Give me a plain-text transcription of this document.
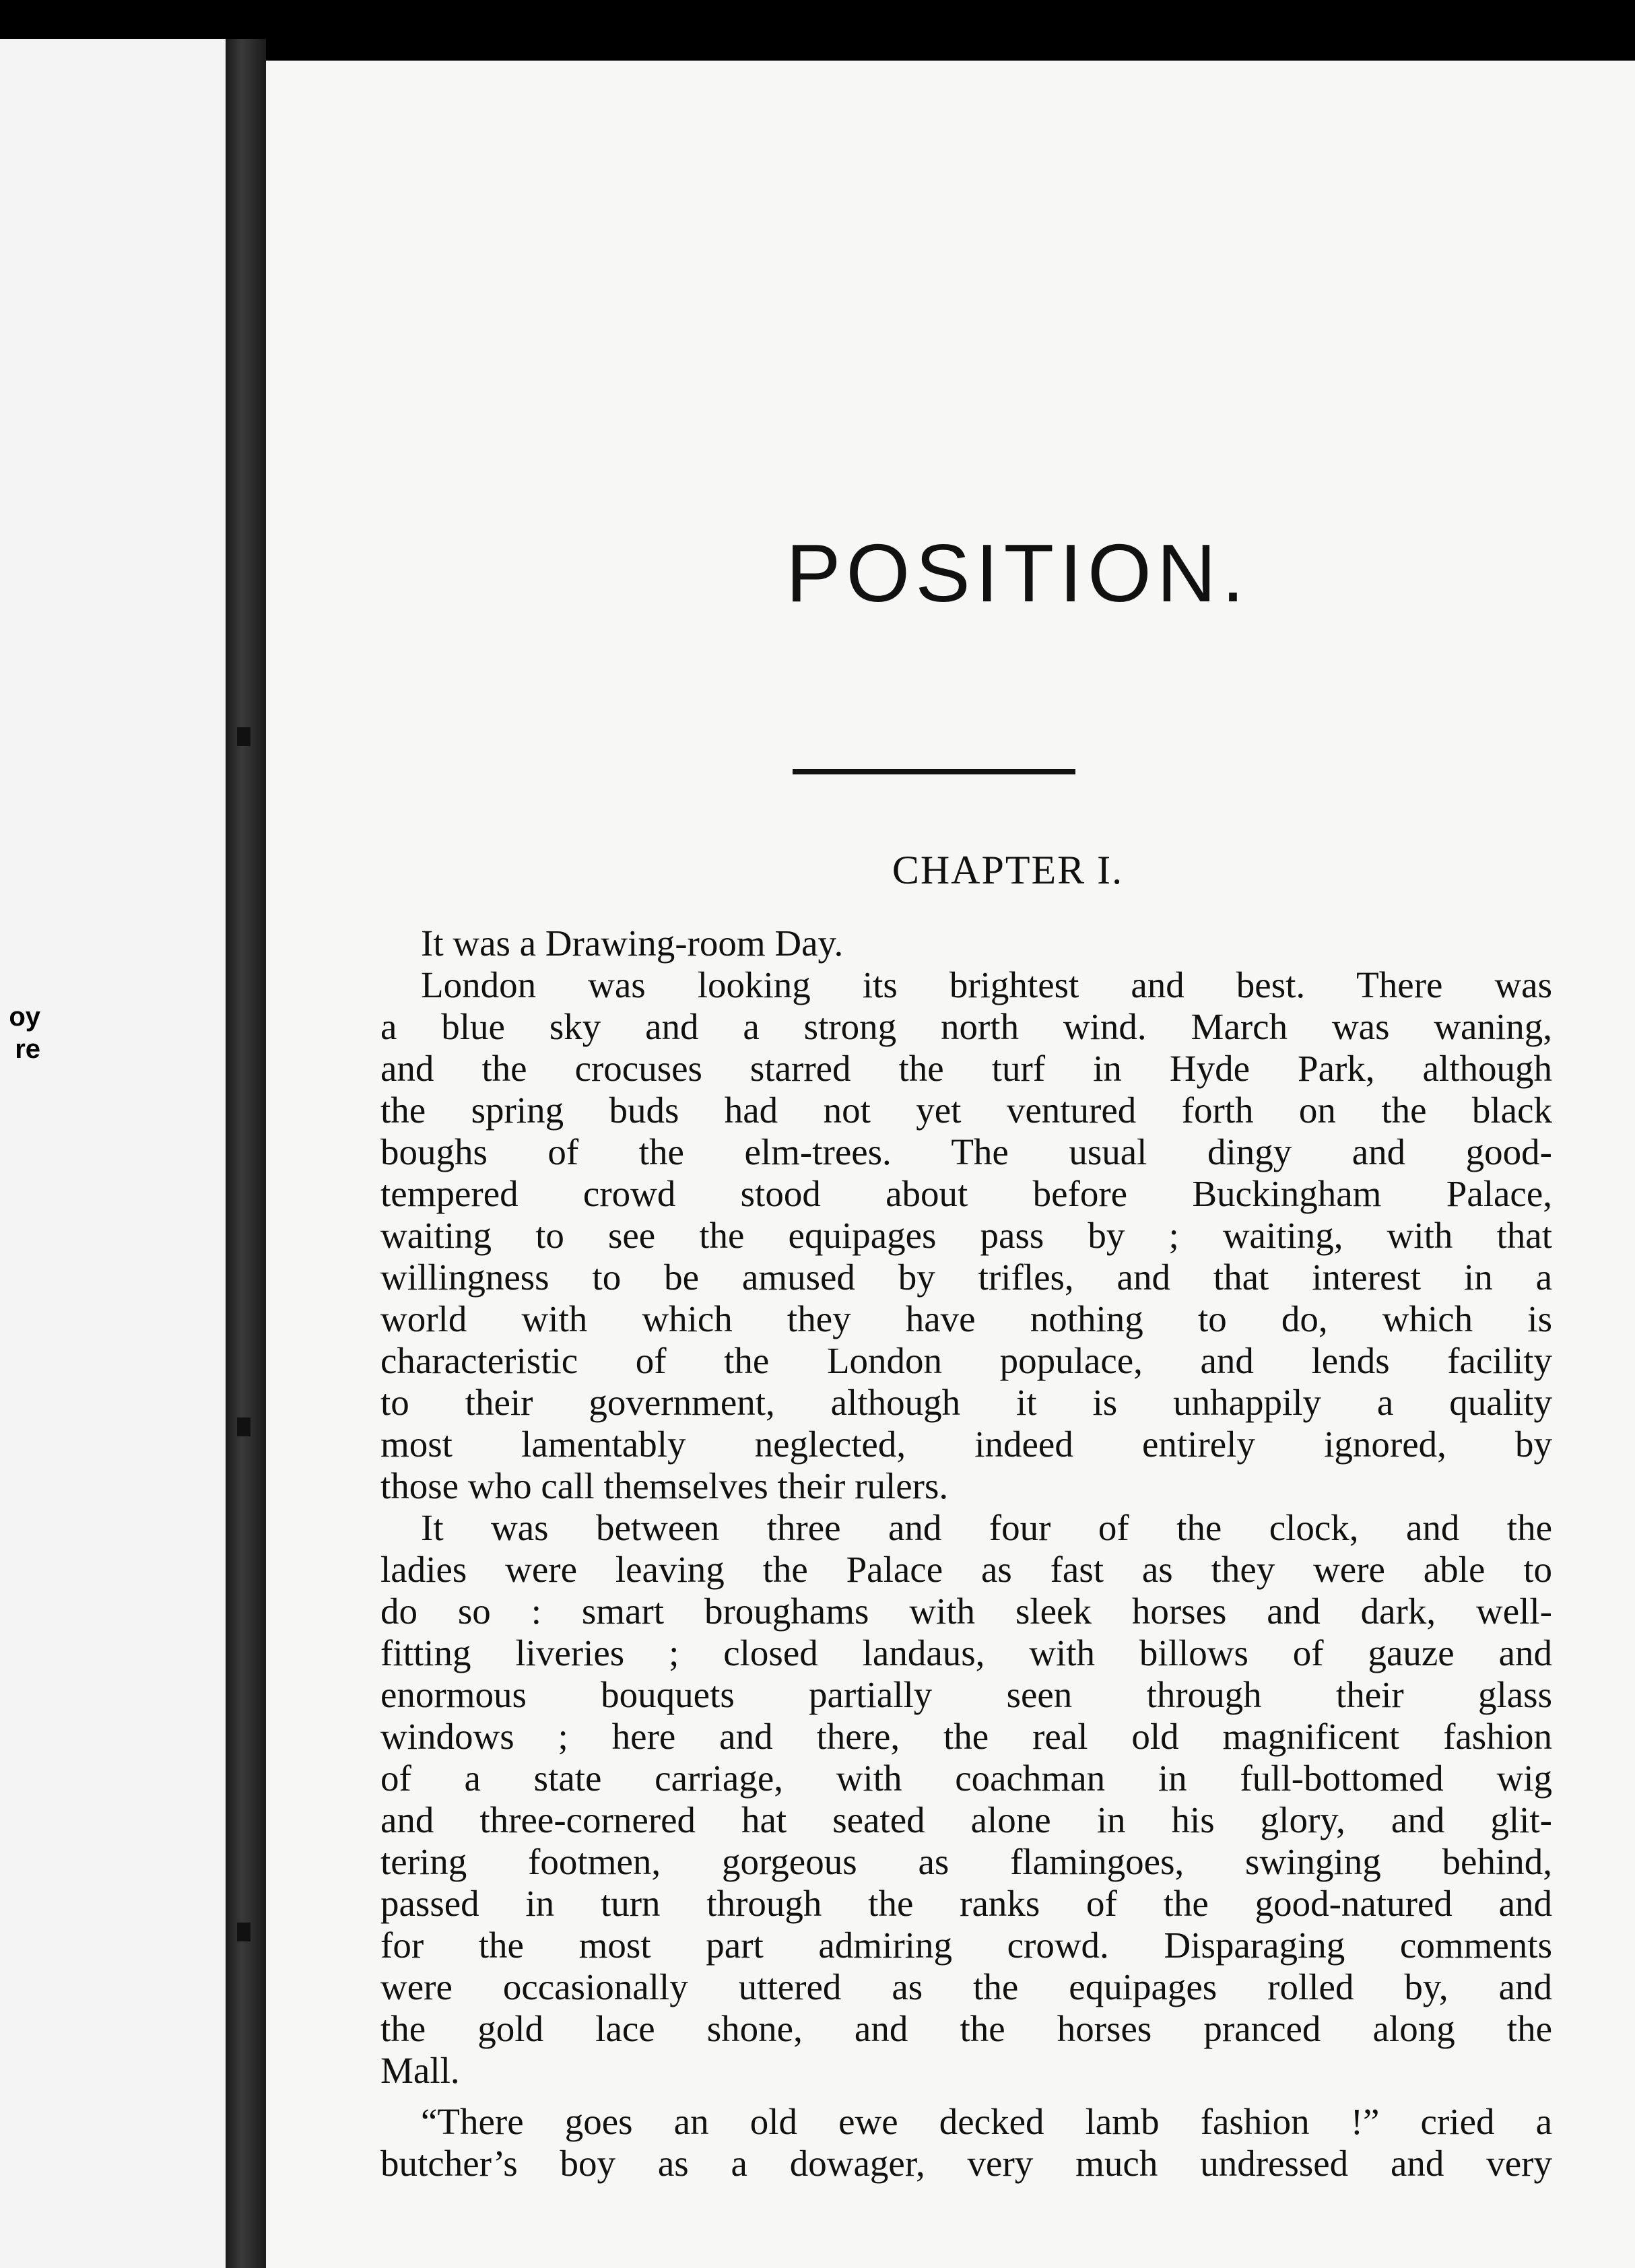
oy
re
POSITION.
CHAPTER I.

It was a Drawing-room Day.

London was looking its brightest and best. There was
a blue sky and a strong north wind. March was waning,
and the crocuses starred the turf in Hyde Park, although
the spring buds had not yet ventured forth on the black
boughs of the elm-trees. The usual dingy and good-
tempered crowd stood about before Buckingham Palace,
waiting to see the equipages pass by ; waiting, with that
willingness to be amused by trifles, and that interest in a
world with which they have nothing to do, which is
characteristic of the London populace, and lends facility
to their government, although it is unhappily a quality
most lamentably neglected, indeed entirely ignored, by
those who call themselves their rulers.

It was between three and four of the clock, and the
ladies were leaving the Palace as fast as they were able to
do so : smart broughams with sleek horses and dark, well-
fitting liveries ; closed landaus, with billows of gauze and
enormous bouquets partially seen through their glass
windows ; here and there, the real old magnificent fashion
of a state carriage, with coachman in full-bottomed wig
and three-cornered hat seated alone in his glory, and glit-
tering footmen, gorgeous as flamingoes, swinging behind,
passed in turn through the ranks of the good-natured and
for the most part admiring crowd. Disparaging comments
were occasionally uttered as the equipages rolled by, and
the gold lace shone, and the horses pranced along the
Mall.

“There goes an old ewe decked lamb fashion !” cried a
butcher’s boy as a dowager, very much undressed and very
